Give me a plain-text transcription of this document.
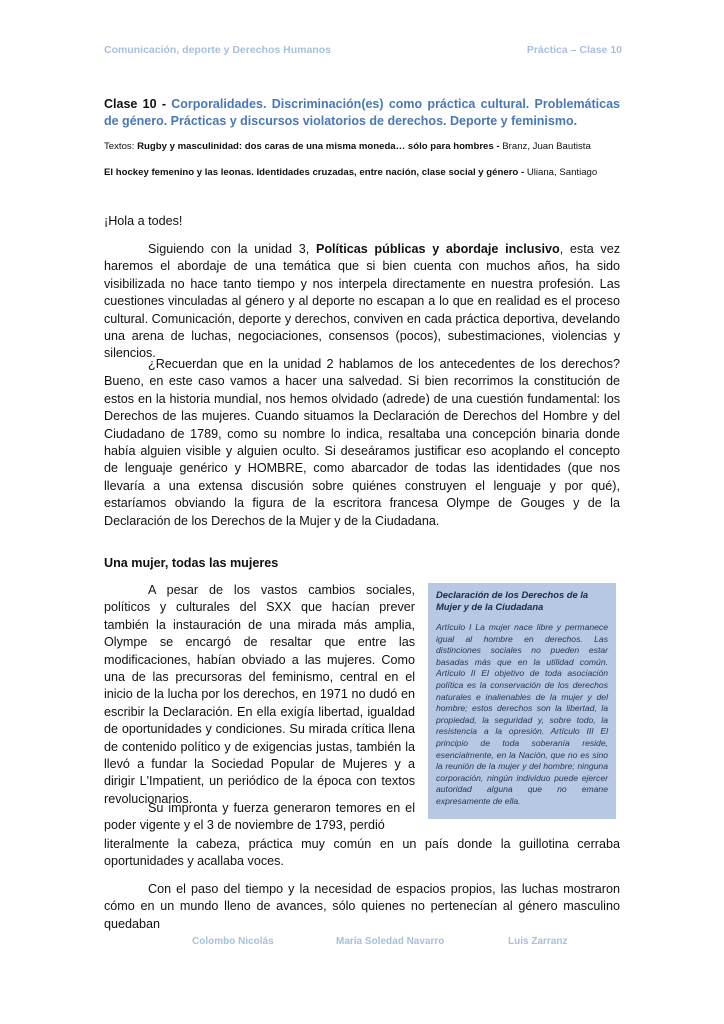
Comunicación, deporte y Derechos Humanos	Práctica – Clase 10
Clase 10 - Corporalidades. Discriminación(es) como práctica cultural. Problemáticas de género. Prácticas y discursos violatorios de derechos. Deporte y feminismo.
Textos: Rugby y masculinidad: dos caras de una misma moneda… sólo para hombres - Branz, Juan Bautista
El hockey femenino y las leonas. Identidades cruzadas, entre nación, clase social y género - Uliana, Santiago
¡Hola a todes!

Siguiendo con la unidad 3, Políticas públicas y abordaje inclusivo, esta vez haremos el abordaje de una temática que si bien cuenta con muchos años, ha sido visibilizada no hace tanto tiempo y nos interpela directamente en nuestra profesión. Las cuestiones vinculadas al género y al deporte no escapan a lo que en realidad es el proceso cultural. Comunicación, deporte y derechos, conviven en cada práctica deportiva, develando una arena de luchas, negociaciones, consensos (pocos), subestimaciones, violencias y silencios.

¿Recuerdan que en la unidad 2 hablamos de los antecedentes de los derechos? Bueno, en este caso vamos a hacer una salvedad. Si bien recorrimos la constitución de estos en la historia mundial, nos hemos olvidado (adrede) de una cuestión fundamental: los Derechos de las mujeres. Cuando situamos la Declaración de Derechos del Hombre y del Ciudadano de 1789, como su nombre lo indica, resaltaba una concepción binaria donde había alguien visible y alguien oculto. Si deseáramos justificar eso acoplando el concepto de lenguaje genérico y HOMBRE, como abarcador de todas las identidades (que nos llevaría a una extensa discusión sobre quiénes construyen el lenguaje y por qué), estaríamos obviando la figura de la escritora francesa Olympe de Gouges y de la Declaración de los Derechos de la Mujer y de la Ciudadana.

Una mujer, todas las mujeres

A pesar de los vastos cambios sociales, políticos y culturales del SXX que hacían prever también la instauración de una mirada más amplia, Olympe se encargó de resaltar que entre las modificaciones, habían obviado a las mujeres. Como una de las precursoras del feminismo, central en el inicio de la lucha por los derechos, en 1971 no dudó en escribir la Declaración. En ella exigía libertad, igualdad de oportunidades y condiciones. Su mirada crítica llena de contenido político y de exigencias justas, también la llevó a fundar la Sociedad Popular de Mujeres y a dirigir L'Impatient, un periódico de la época con textos revolucionarios.

Su impronta y fuerza generaron temores en el poder vigente y el 3 de noviembre de 1793, perdió

Declaración de los Derechos de la Mujer y de la Ciudadana
Artículo I La mujer nace libre y permanece igual al hombre en derechos. Las distinciones sociales no pueden estar basadas más que en la utilidad común. Artículo II El objetivo de toda asociación política es la conservación de los derechos naturales e inalienables de la mujer y del hombre; estos derechos son la libertad, la propiedad, la seguridad y, sobre todo, la resistencia a la opresión. Artículo III El principio de toda soberanía reside, esencialmente, en la Nación, que no es sino la reunión de la mujer y del hombre; ninguna corporación, ningún individuo puede ejercer autoridad alguna que no emane expresamente de ella.

literalmente la cabeza, práctica muy común en un país donde la guillotina cerraba oportunidades y acallaba voces.

Con el paso del tiempo y la necesidad de espacios propios, las luchas mostraron cómo en un mundo lleno de avances, sólo quienes no pertenecían al género masculino quedaban

Colombo Nicolás	María Soledad Navarro	Luis Zarranz
